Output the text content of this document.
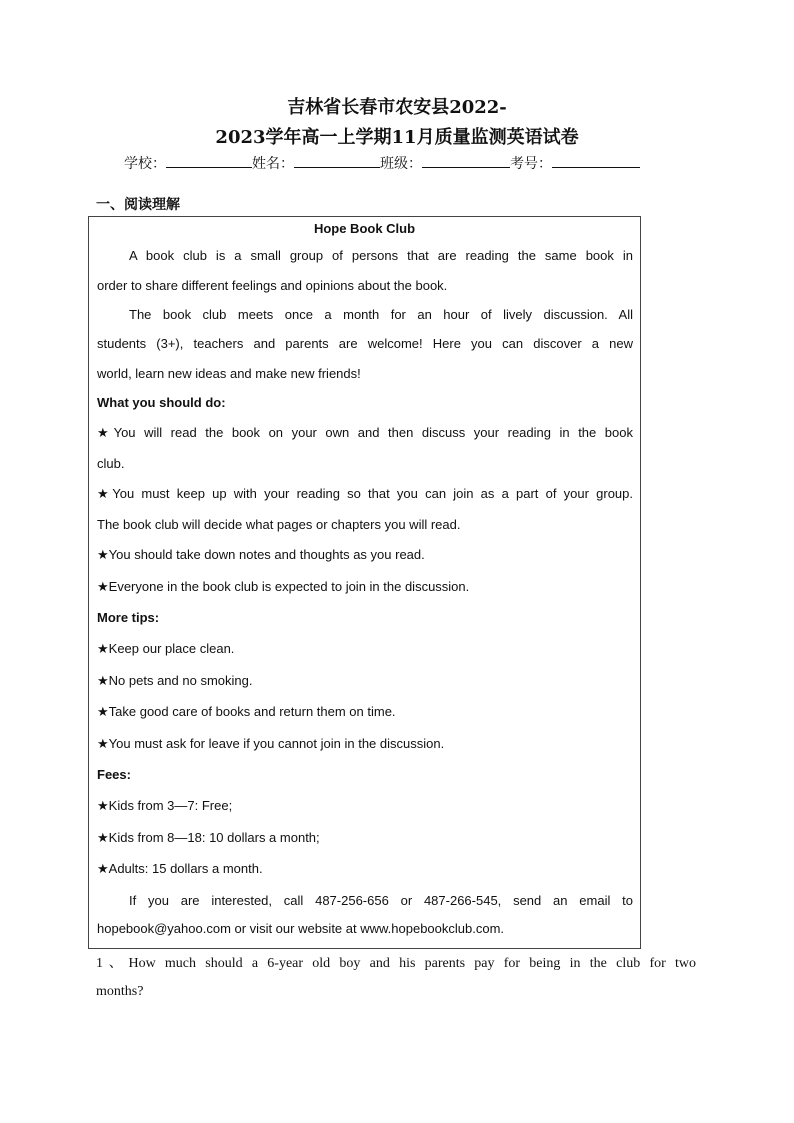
吉林省长春市农安县2022-
2023学年高一上学期11月质量监测英语试卷
学校：	姓名：	班级：	考号：
一、阅读理解
Hope Book Club
A book club is a small group of persons that are reading the same book in
order to share different feelings and opinions about the book.
The book club meets once a month for an hour of lively discussion. All
students (3+), teachers and parents are welcome! Here you can discover a new
world, learn new ideas and make new friends!
What you should do:
★You will read the book on your own and then discuss your reading in the book
club.
★You must keep up with your reading so that you can join as a part of your group.
The book club will decide what pages or chapters you will read.
★You should take down notes and thoughts as you read.
★Everyone in the book club is expected to join in the discussion.
More tips:
★Keep our place clean.
★No pets and no smoking.
★Take good care of books and return them on time.
★You must ask for leave if you cannot join in the discussion.
Fees:
★Kids from 3—7: Free;
★Kids from 8—18: 10 dollars a month;
★Adults: 15 dollars a month.
If you are interested, call 487-256-656 or 487-266-545, send an email to
hopebook@yahoo.com or visit our website at www.hopebookclub.com.
1、How much should a 6-year old boy and his parents pay for being in the club for two
months?
